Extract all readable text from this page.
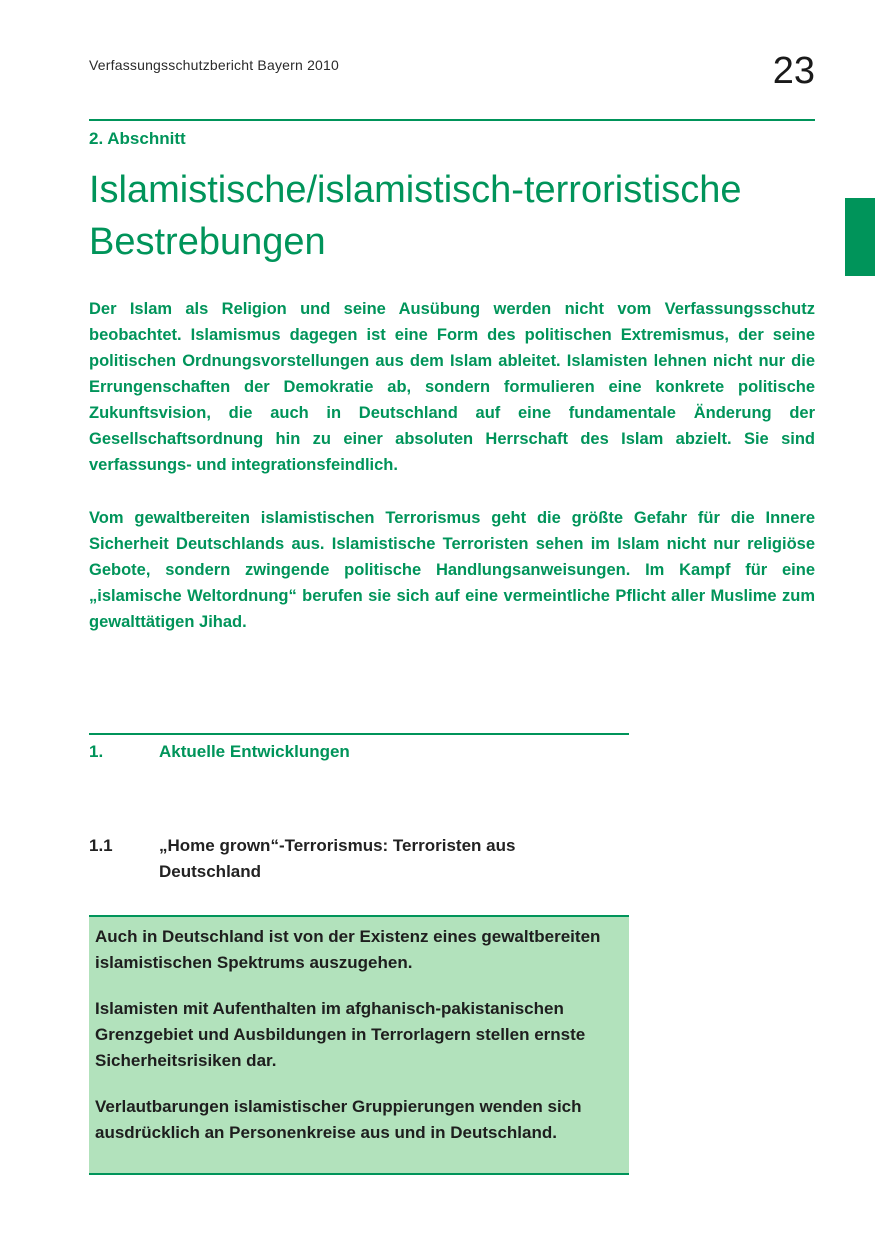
Verfassungsschutzbericht Bayern 2010	23
2. Abschnitt
Islamistische/islamistisch-terroristische
Bestrebungen

Der Islam als Religion und seine Ausübung werden nicht vom Verfassungsschutz beobachtet. Islamismus dagegen ist eine Form des politischen Extremismus, der seine politischen Ordnungsvorstellungen aus dem Islam ableitet. Islamisten lehnen nicht nur die Errungenschaften der Demokratie ab, sondern formulieren eine konkrete politische Zukunftsvision, die auch in Deutschland auf eine fundamentale Änderung der Gesellschaftsordnung hin zu einer absoluten Herrschaft des Islam abzielt. Sie sind verfassungs- und integrationsfeindlich.

Vom gewaltbereiten islamistischen Terrorismus geht die größte Gefahr für die Innere Sicherheit Deutschlands aus. Islamistische Terroristen sehen im Islam nicht nur religiöse Gebote, sondern zwingende politische Handlungsanweisungen. Im Kampf für eine „islamische Weltordnung“ berufen sie sich auf eine vermeintliche Pflicht aller Muslime zum gewalttätigen Jihad.

1.	Aktuelle Entwicklungen
1.1	„Home grown“-Terrorismus: Terroristen aus Deutschland

Auch in Deutschland ist von der Existenz eines gewaltbereiten islamistischen Spektrums auszugehen.

Islamisten mit Aufenthalten im afghanisch-pakistanischen Grenzgebiet und Ausbildungen in Terrorlagern stellen ernste Sicherheitsrisiken dar.

Verlautbarungen islamistischer Gruppierungen wenden sich ausdrücklich an Personenkreise aus und in Deutschland.
